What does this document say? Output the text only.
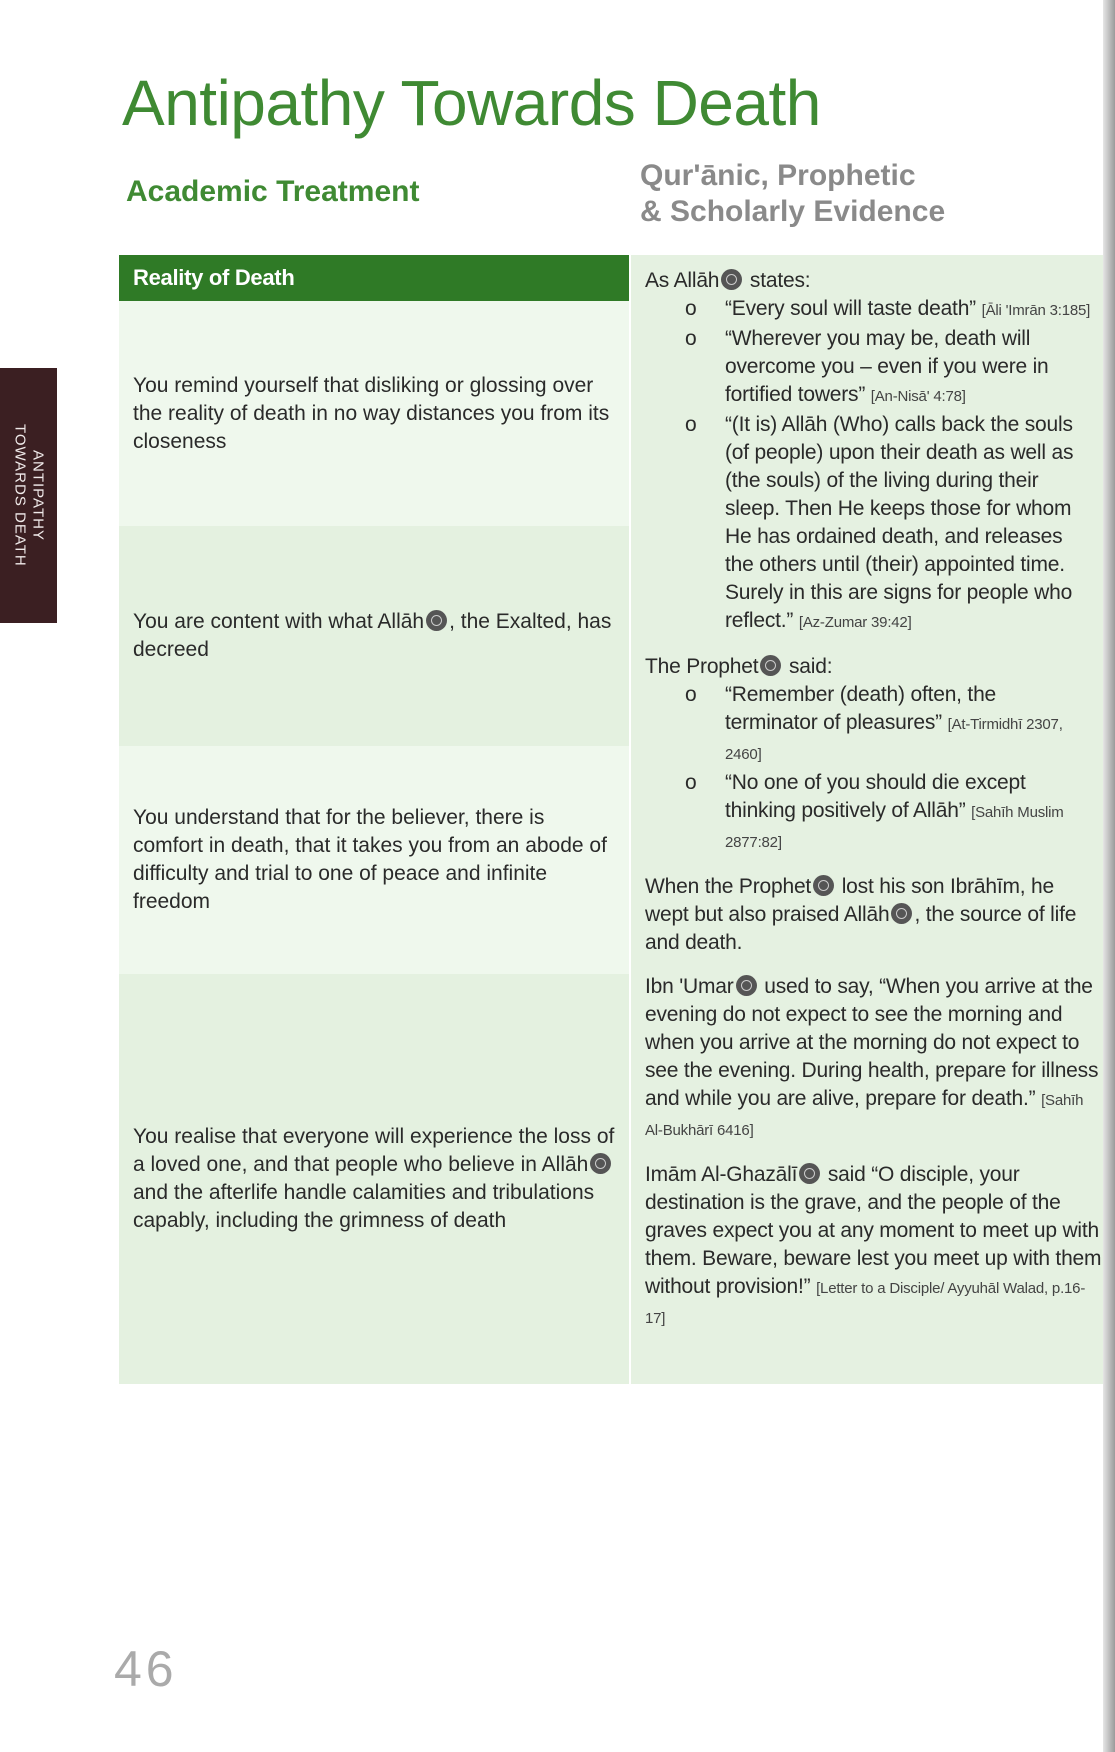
ANTIPATHY
TOWARDS DEATH
Antipathy Towards Death
Academic Treatment	Qur'ānic, Prophetic
& Scholarly Evidence
Reality of Death
You remind yourself that disliking or glossing over the reality of death in no way distances you from its closeness
You are content with what Allāh , the Exalted, has decreed
You understand that for the believer, there is comfort in death, that it takes you from an abode of difficulty and trial to one of peace and infinite freedom
You realise that everyone will experience the loss of a loved one, and that people who believe in Allāh and the afterlife handle calamities and tribulations capably, including the grimness of death

As Allāh states:

o “Every soul will taste death” [Āli 'Imrān 3:185]
o “Wherever you may be, death will overcome you – even if you were in fortified towers” [An-Nisā' 4:78]
o “(It is) Allāh (Who) calls back the souls (of people) upon their death as well as (the souls) of the living during their sleep. Then He keeps those for whom He has ordained death, and releases the others until (their) appointed time. Surely in this are signs for people who reflect.” [Az-Zumar 39:42]

The Prophet said:

o “Remember (death) often, the terminator of pleasures” [At-Tirmidhī 2307, 2460]
o “No one of you should die except thinking positively of Allāh” [Sahīh Muslim 2877:82]

When the Prophet lost his son Ibrāhīm, he wept but also praised Allāh , the source of life and death.

Ibn 'Umar used to say, “When you arrive at the evening do not expect to see the morning and when you arrive at the morning do not expect to see the evening. During health, prepare for illness and while you are alive, prepare for death.” [Sahīh Al-Bukhārī 6416]

Imām Al-Ghazālī said “O disciple, your destination is the grave, and the people of the graves expect you at any moment to meet up with them. Beware, beware lest you meet up with them without provision!” [Letter to a Disciple/ Ayyuhāl Walad, p.16-17]

46
